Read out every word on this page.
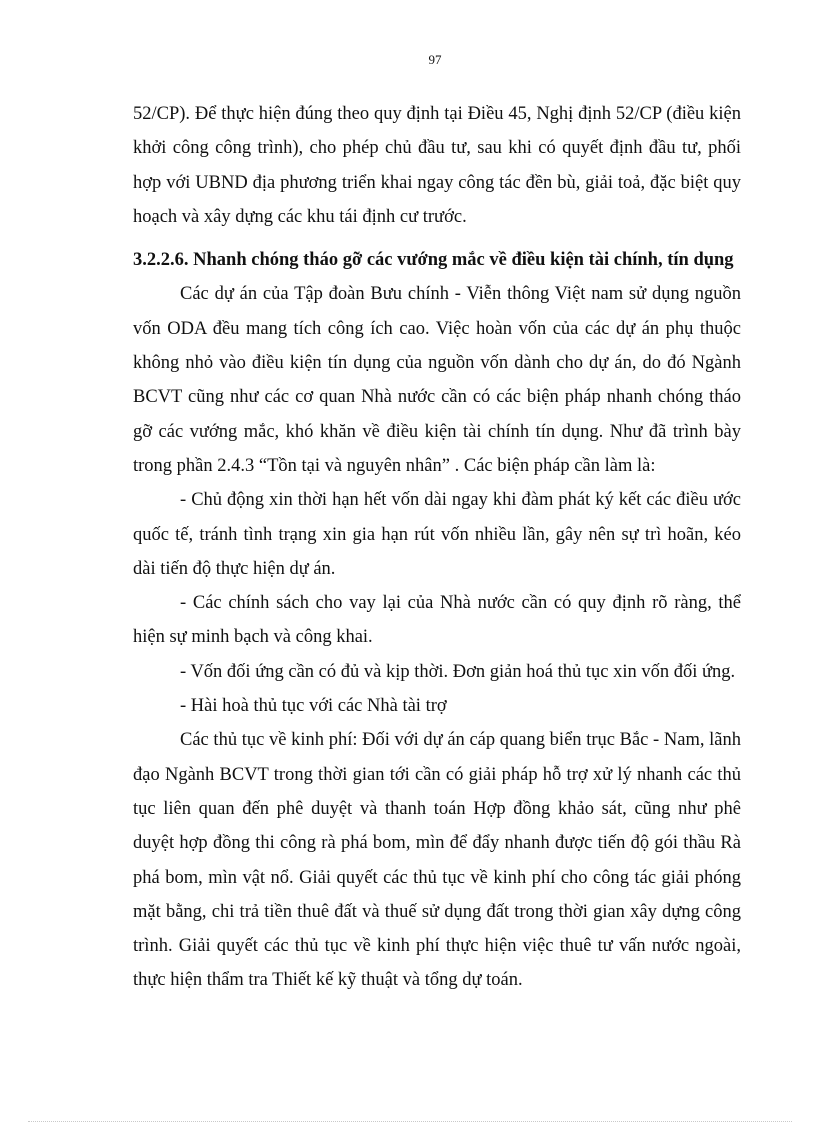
97

52/CP). Để thực hiện đúng theo quy định tại Điều 45, Nghị định 52/CP (điều kiện khởi công công trình), cho phép chủ đầu tư, sau khi có quyết định đầu tư, phối hợp với UBND địa phương triển khai ngay công tác đền bù, giải toả, đặc biệt quy hoạch và xây dựng các khu tái định cư trước.

3.2.2.6. Nhanh chóng tháo gỡ các vướng mắc về điều kiện tài chính, tín dụng

Các dự án của Tập đoàn Bưu chính - Viễn thông Việt nam sử dụng nguồn vốn ODA đều mang tích công ích cao. Việc hoàn vốn của các dự án phụ thuộc không nhỏ vào điều kiện tín dụng của nguồn vốn dành cho dự án, do đó Ngành BCVT cũng như các cơ quan Nhà nước cần có các biện pháp nhanh chóng tháo gỡ các vướng mắc, khó khăn về điều kiện tài chính tín dụng. Như đã trình bày trong phần 2.4.3 “Tồn tại và nguyên nhân” . Các biện pháp cần làm là:

- Chủ động xin thời hạn hết vốn dài ngay khi đàm phát ký kết các điều ước quốc tế, tránh tình trạng xin gia hạn rút vốn nhiều lần, gây nên sự trì hoãn, kéo dài tiến độ thực hiện dự án.

- Các chính sách cho vay lại của Nhà nước cần có quy định rõ ràng, thể hiện sự minh bạch và công khai.

- Vốn đối ứng cần có đủ và kịp thời. Đơn giản hoá thủ tục xin vốn đối ứng.

- Hài hoà thủ tục với các Nhà tài trợ

Các thủ tục về kinh phí: Đối với dự án cáp quang biển trục Bắc - Nam, lãnh đạo Ngành BCVT trong thời gian tới cần có giải pháp hỗ trợ xử lý nhanh các thủ tục liên quan đến phê duyệt và thanh toán Hợp đồng khảo sát, cũng như phê duyệt hợp đồng thi công rà phá bom, mìn để đẩy nhanh được tiến độ gói thầu Rà phá bom, mìn vật nổ. Giải quyết các thủ tục về kinh phí cho công tác giải phóng mặt bằng, chi trả tiền thuê đất và thuế sử dụng đất trong thời gian xây dựng công trình. Giải quyết các thủ tục về kinh phí thực hiện việc thuê tư vấn nước ngoài, thực hiện thẩm tra Thiết kế kỹ thuật và tổng dự toán.
